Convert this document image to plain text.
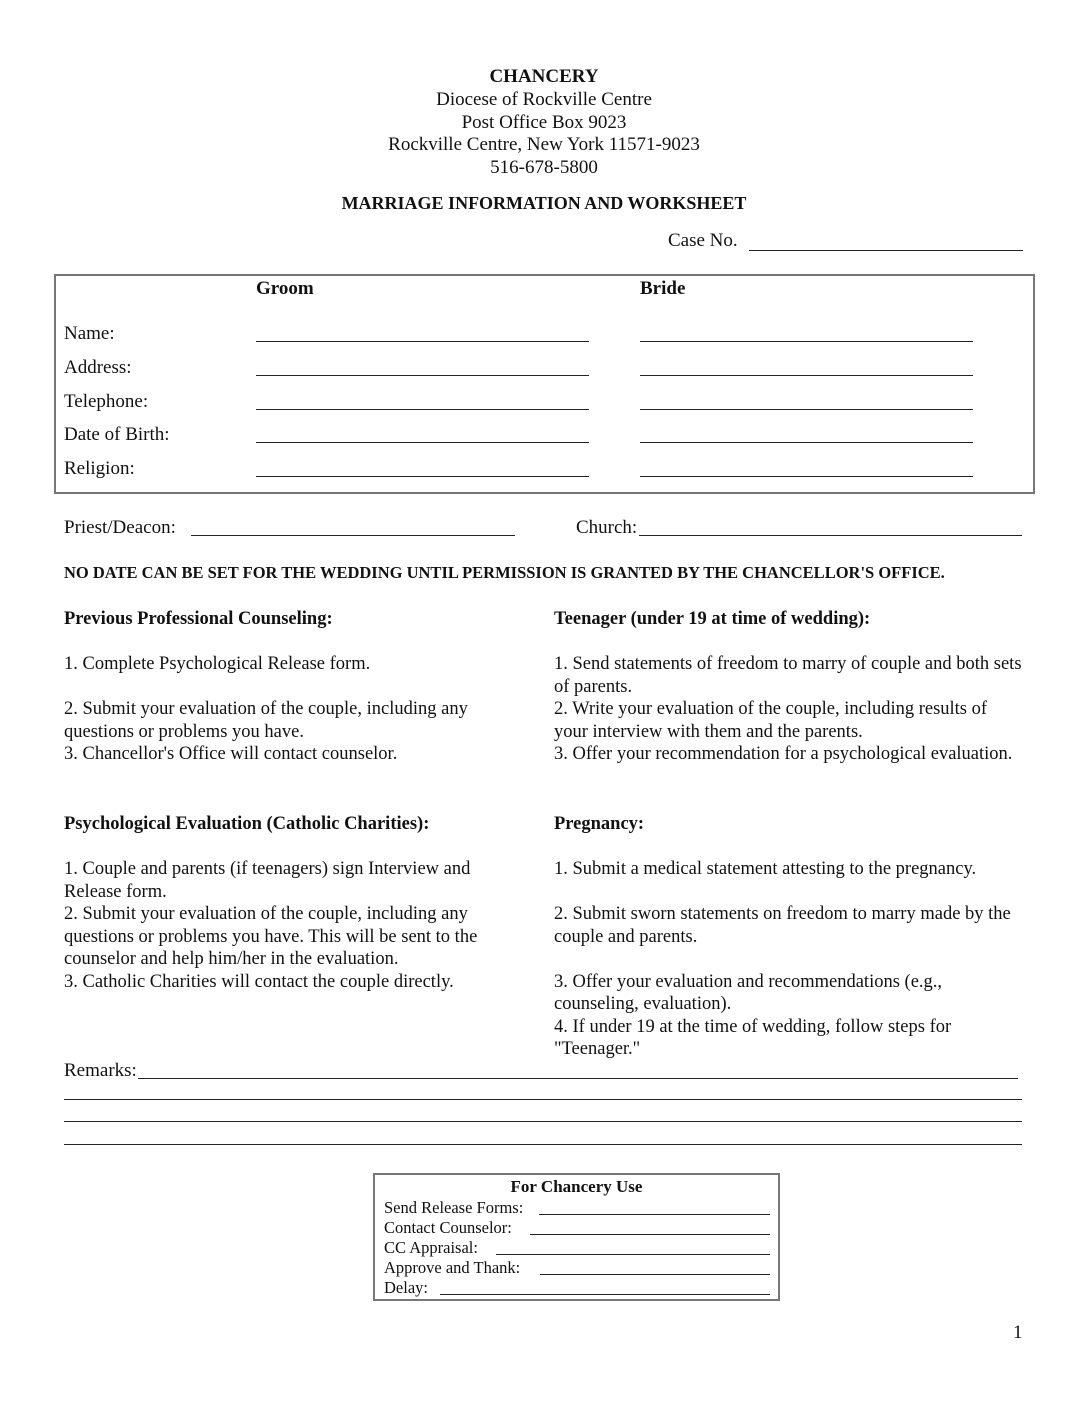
CHANCERY
Diocese of Rockville Centre
Post Office Box 9023
Rockville Centre, New York 11571-9023
516-678-5800
MARRIAGE INFORMATION AND WORKSHEET
Case No.
Groom	Bride
Name:
Address:
Telephone:
Date of Birth:
Religion:
Priest/Deacon:	Church:
NO DATE CAN BE SET FOR THE WEDDING UNTIL PERMISSION IS GRANTED BY THE CHANCELLOR'S OFFICE.

Previous Professional Counseling:

1. Complete Psychological Release form.

2. Submit your evaluation of the couple, including any questions or problems you have.

3. Chancellor's Office will contact counselor.

Teenager (under 19 at time of wedding):

1. Send statements of freedom to marry of couple and both sets of parents.

2. Write your evaluation of the couple, including results of your interview with them and the parents.

3. Offer your recommendation for a psychological evaluation.

Psychological Evaluation (Catholic Charities):

1. Couple and parents (if teenagers) sign Interview and Release form.

2. Submit your evaluation of the couple, including any questions or problems you have. This will be sent to the counselor and help him/her in the evaluation.

3. Catholic Charities will contact the couple directly.

Pregnancy:

1. Submit a medical statement attesting to the pregnancy.

2. Submit sworn statements on freedom to marry made by the couple and parents.

3. Offer your evaluation and recommendations (e.g., counseling, evaluation).

4. If under 19 at the time of wedding, follow steps for "Teenager."

Remarks:
For Chancery Use
Send Release Forms:
Contact Counselor:
CC Appraisal:
Approve and Thank:
Delay:
1
